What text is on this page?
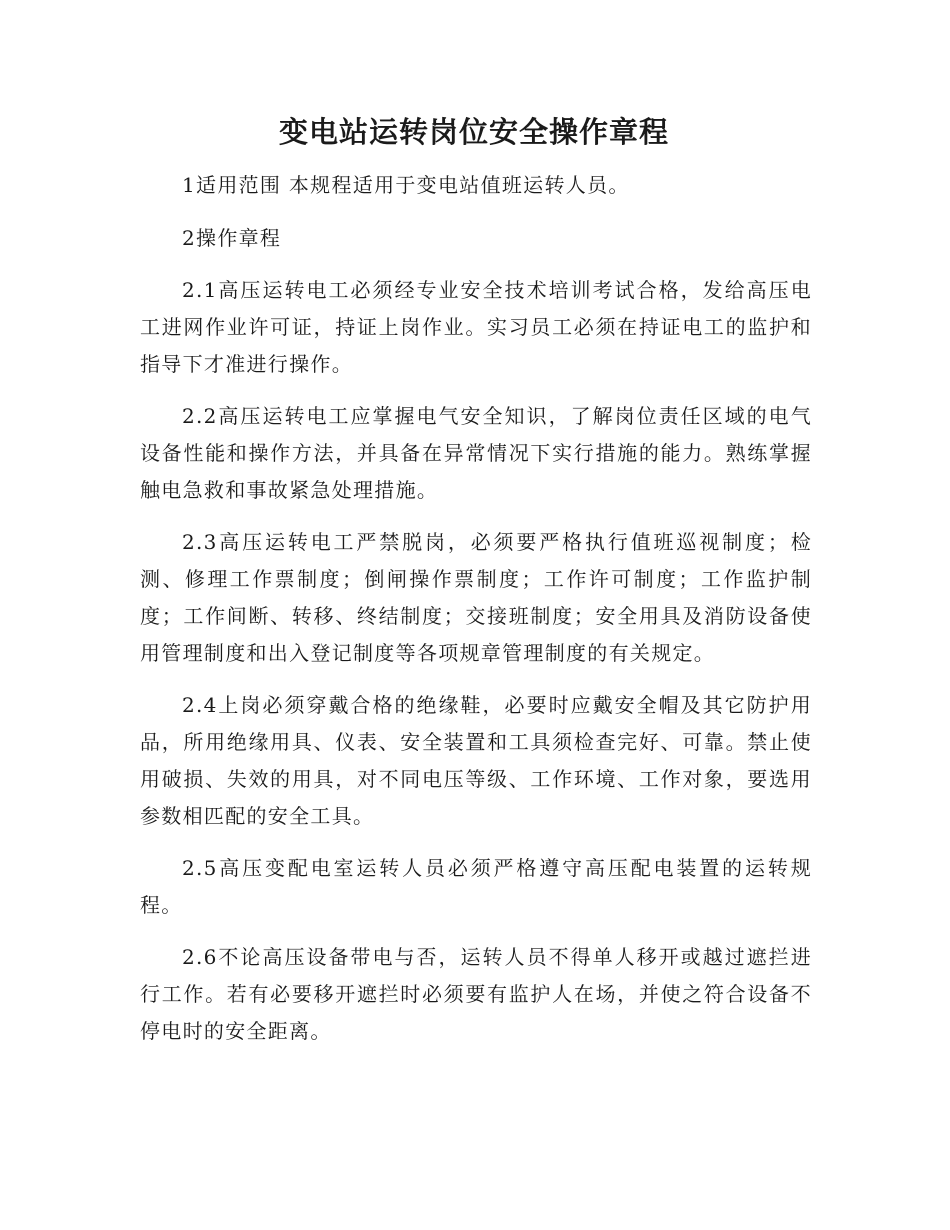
变电站运转岗位安全操作章程

1适用范围 本规程适用于变电站值班运转人员。

2操作章程

2.1高压运转电工必须经专业安全技术培训考试合格，发给高压电工进网作业许可证，持证上岗作业。实习员工必须在持证电工的监护和指导下才准进行操作。

2.2高压运转电工应掌握电气安全知识，了解岗位责任区域的电气设备性能和操作方法，并具备在异常情况下实行措施的能力。熟练掌握触电急救和事故紧急处理措施。

2.3高压运转电工严禁脱岗，必须要严格执行值班巡视制度；检测、修理工作票制度；倒闸操作票制度；工作许可制度；工作监护制度；工作间断、转移、终结制度；交接班制度；安全用具及消防设备使用管理制度和出入登记制度等各项规章管理制度的有关规定。

2.4上岗必须穿戴合格的绝缘鞋，必要时应戴安全帽及其它防护用品，所用绝缘用具、仪表、安全装置和工具须检查完好、可靠。禁止使用破损、失效的用具，对不同电压等级、工作环境、工作对象，要选用参数相匹配的安全工具。

2.5高压变配电室运转人员必须严格遵守高压配电装置的运转规程。

2.6不论高压设备带电与否，运转人员不得单人移开或越过遮拦进行工作。若有必要移开遮拦时必须要有监护人在场，并使之符合设备不停电时的安全距离。
